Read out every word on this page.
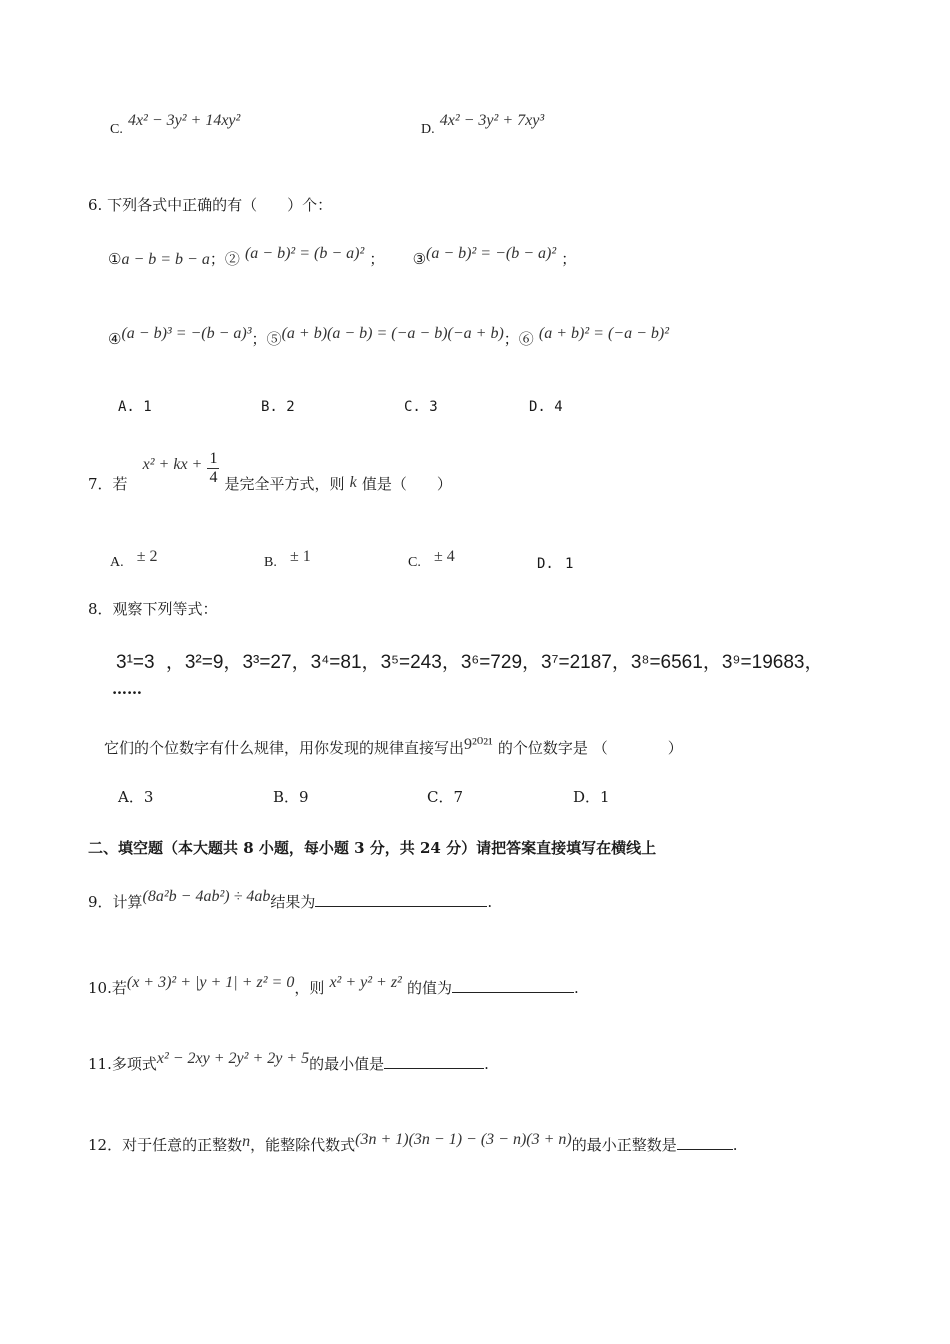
C. 4x² − 3y² + 14xy²
D. 4x² − 3y² + 7xy³
6. 下列各式中正确的有（　　）个：
①a − b = b − a；② (a − b)² = (b − a)² ； ③(a − b)² = −(b − a)² ；
④(a − b)³ = −(b − a)³；⑤(a + b)(a − b) = (−a − b)(−a + b)；⑥ (a + b)² = (−a − b)²
A. 1	B. 2	C. 3	D. 4
7．若 x² + kx + $\frac{1}{4}$ 是完全平方式，则 k 值是（　　）
A. ± 2	B. ± 1	C. ± 4	D. 1
8．观察下列等式：
3¹=3 ，3²=9，3³=27，3⁴=81，3⁵=243，3⁶=729，3⁷=2187，3⁸=6561，3⁹=19683，
……
它们的个位数字有什么规律，用你发现的规律直接写出9²⁰²¹ 的个位数字是 （　　　　）
A．3	B．9	C．7	D．1
二、填空题（本大题共 8 小题，每小题 3 分，共 24 分）请把答案直接填写在横线上
9．计算(8a²b − 4ab²) ÷ 4ab结果为	.
10.若(x + 3)² + |y + 1| + z² = 0，则 x² + y² + z² 的值为	.
11.多项式x² − 2xy + 2y² + 2y + 5的最小值是	.
12．对于任意的正整数n，能整除代数式(3n + 1)(3n − 1) − (3 − n)(3 + n)的最小正整数是	.
